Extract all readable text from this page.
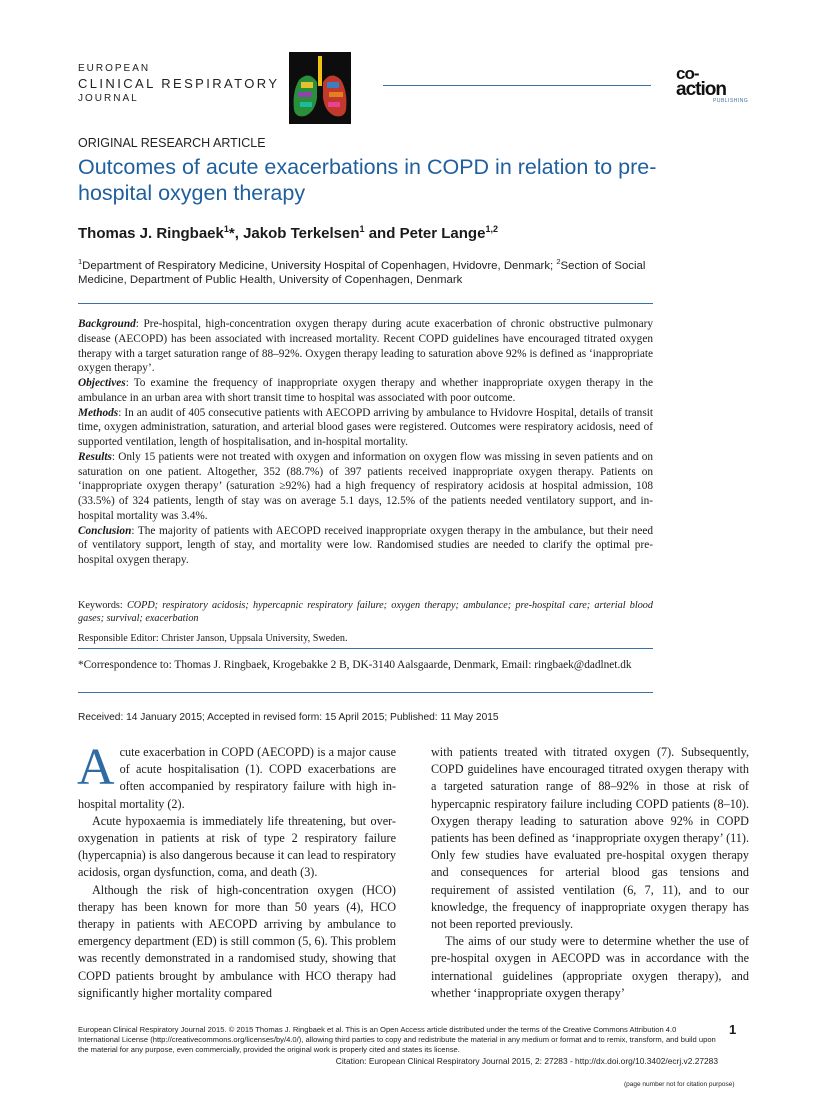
EUROPEAN
CLINICAL RESPIRATORY
JOURNAL
co-
action
PUBLISHING
ORIGINAL RESEARCH ARTICLE
Outcomes of acute exacerbations in COPD in relation to pre-hospital oxygen therapy
Thomas J. Ringbaek$^1$*, Jakob Terkelsen$^1$ and Peter Lange$^{1,2}$
$^1$Department of Respiratory Medicine, University Hospital of Copenhagen, Hvidovre, Denmark; $^2$Section of Social Medicine, Department of Public Health, University of Copenhagen, Denmark

Background: Pre-hospital, high-concentration oxygen therapy during acute exacerbation of chronic obstructive pulmonary disease (AECOPD) has been associated with increased mortality. Recent COPD guidelines have encouraged titrated oxygen therapy with a target saturation range of 88–92%. Oxygen therapy leading to saturation above 92% is defined as ‘inappropriate oxygen therapy’.

Objectives: To examine the frequency of inappropriate oxygen therapy and whether inappropriate oxygen therapy in the ambulance in an urban area with short transit time to hospital was associated with poor outcome.

Methods: In an audit of 405 consecutive patients with AECOPD arriving by ambulance to Hvidovre Hospital, details of transit time, oxygen administration, saturation, and arterial blood gases were registered. Outcomes were respiratory acidosis, need of supported ventilation, length of hospitalisation, and in-hospital mortality.

Results: Only 15 patients were not treated with oxygen and information on oxygen flow was missing in seven patients and on saturation on one patient. Altogether, 352 (88.7%) of 397 patients received inappropriate oxygen therapy. Patients on ‘inappropriate oxygen therapy’ (saturation ≥92%) had a high frequency of respiratory acidosis at hospital admission, 108 (33.5%) of 324 patients, length of stay was on average 5.1 days, 12.5% of the patients needed ventilatory support, and in-hospital mortality was 3.4%.

Conclusion: The majority of patients with AECOPD received inappropriate oxygen therapy in the ambulance, but their need of ventilatory support, length of stay, and mortality were low. Randomised studies are needed to clarify the optimal pre-hospital oxygen therapy.

Keywords: COPD; respiratory acidosis; hypercapnic respiratory failure; oxygen therapy; ambulance; pre-hospital care; arterial blood gases; survival; exacerbation
Responsible Editor: Christer Janson, Uppsala University, Sweden.
*Correspondence to: Thomas J. Ringbaek, Krogebakke 2 B, DK-3140 Aalsgaarde, Denmark, Email: ringbaek@dadlnet.dk
Received: 14 January 2015; Accepted in revised form: 15 April 2015; Published: 11 May 2015

Acute exacerbation in COPD (AECOPD) is a major cause of acute hospitalisation (1). COPD exacerbations are often accompanied by respiratory failure with high in-hospital mortality (2).

Acute hypoxaemia is immediately life threatening, but over-oxygenation in patients at risk of type 2 respiratory failure (hypercapnia) is also dangerous because it can lead to respiratory acidosis, organ dysfunction, coma, and death (3).

Although the risk of high-concentration oxygen (HCO) therapy has been known for more than 50 years (4), HCO therapy in patients with AECOPD arriving by ambulance to emergency department (ED) is still common (5, 6). This problem was recently demonstrated in a randomised study, showing that COPD patients brought by ambulance with HCO therapy had significantly higher mortality compared

with patients treated with titrated oxygen (7). Subsequently, COPD guidelines have encouraged titrated oxygen therapy with a targeted saturation range of 88–92% in those at risk of hypercapnic respiratory failure including COPD patients (8–10). Oxygen therapy leading to saturation above 92% in COPD patients has been defined as ‘inappropriate oxygen therapy’ (11). Only few studies have evaluated pre-hospital oxygen therapy and consequences for arterial blood gas tensions and requirement of assisted ventilation (6, 7, 11), and to our knowledge, the frequency of inappropriate oxygen therapy has not been reported previously.

The aims of our study were to determine whether the use of pre-hospital oxygen in AECOPD was in accordance with the international guidelines (appropriate oxygen therapy), and whether ‘inappropriate oxygen therapy’

European Clinical Respiratory Journal 2015. © 2015 Thomas J. Ringbaek et al. This is an Open Access article distributed under the terms of the Creative Commons Attribution 4.0 International License (http://creativecommons.org/licenses/by/4.0/), allowing third parties to copy and redistribute the material in any medium or format and to remix, transform, and build upon the material for any purpose, even commercially, provided the original work is properly cited and states its license.
Citation: European Clinical Respiratory Journal 2015, 2: 27283 - http://dx.doi.org/10.3402/ecrj.v2.27283
1
(page number not for citation purpose)
